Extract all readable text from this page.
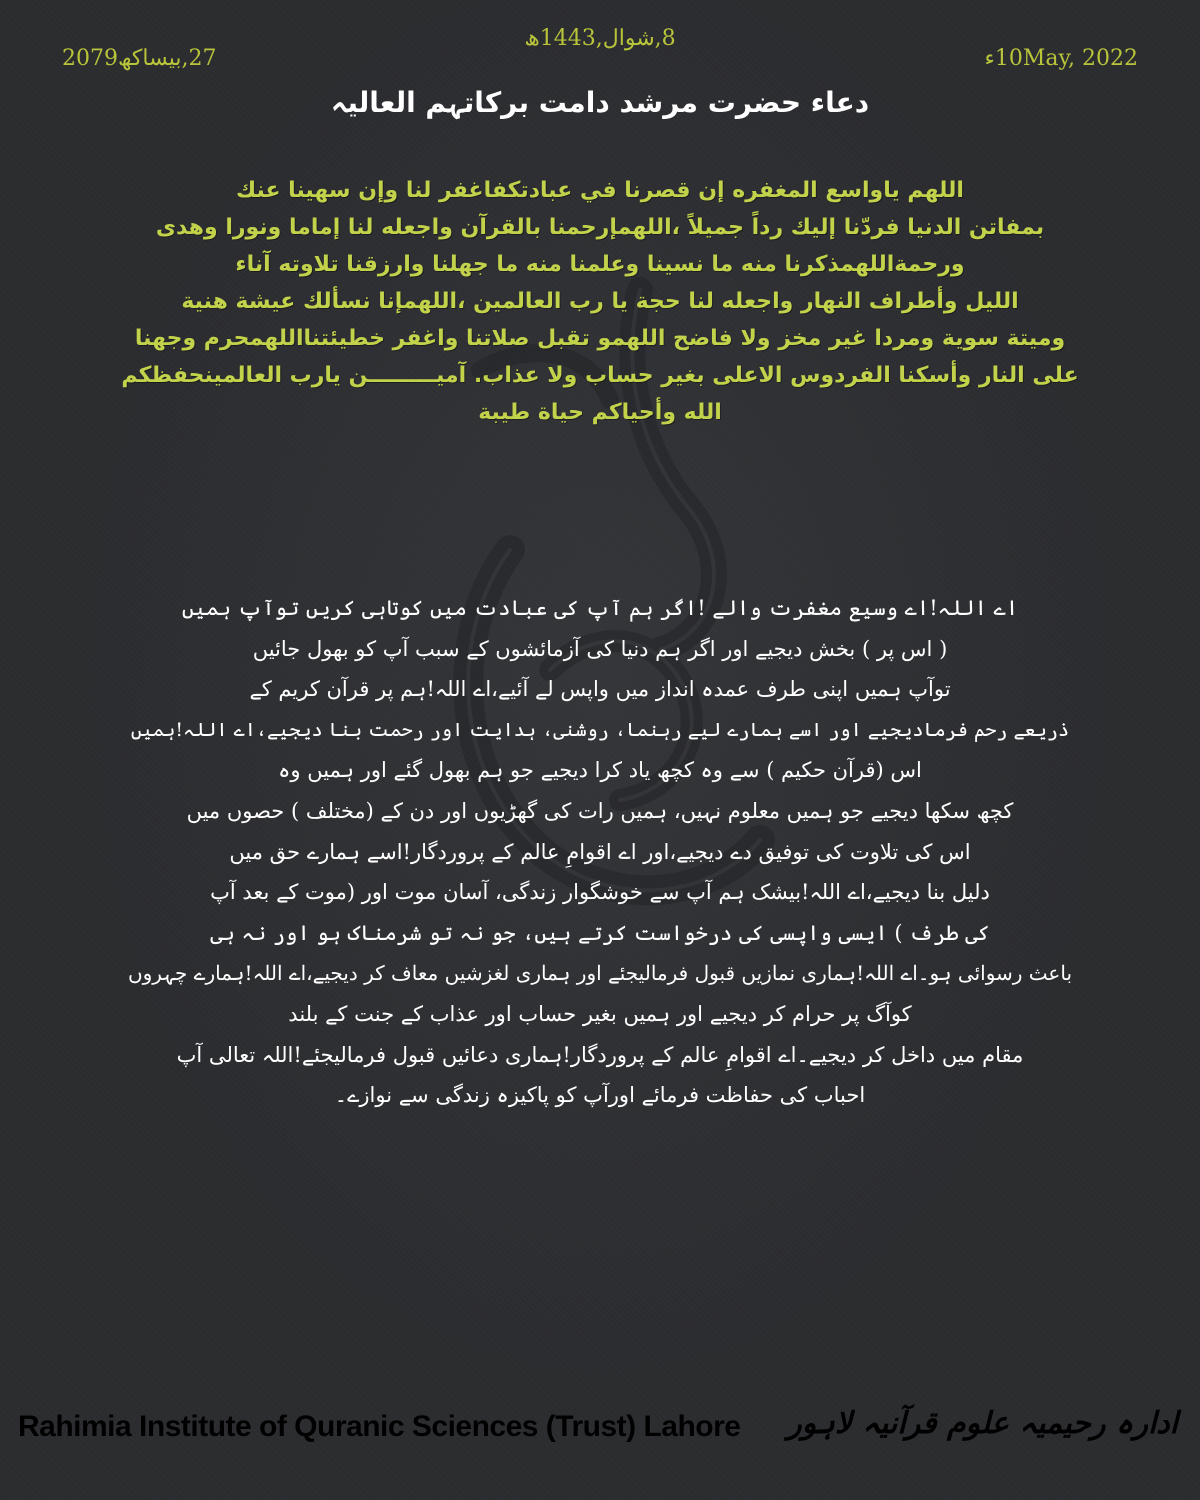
8,شوال,1443ھ
10May, 2022ء
27,بیساکھ2079
دعاء حضرت مرشد دامت برکاتہم العالیہ
اللهم ياواسع المغفره إن قصرنا في عبادتكفاغفر لنا وإن سهينا عنك
بمفاتن الدنيا فردّنا إليك رداً جميلاً ،اللهمإرحمنا بالقرآن واجعله لنا إماما ونورا وهدى
ورحمةاللهمذكرنا منه ما نسينا وعلمنا منه ما جهلنا وارزقنا تلاوته آناء
الليل وأطراف النهار واجعله لنا حجة يا رب العالمين ،اللهمإنا نسألك عيشة هنية
وميتة سوية ومردا غير مخز ولا فاضح اللهمو تقبل صلاتنا واغفر خطيئتنااللهمحرم وجهنا
على النار وأسكنا الفردوس الاعلى بغير حساب ولا عذاب. آميـــــــــن يارب العالمينحفظكم
الله وأحياكم حياة طيبة
اے اللہ!اے وسیع مغفرت والے !اگر ہم آپ کی عبادت میں کوتاہی کریں توآپ ہمیں
( اس پر ) بخش دیجیے اور اگر ہم دنیا کی آزمائشوں کے سبب آپ کو بھول جائیں
توآپ ہمیں اپنی طرف عمدہ انداز میں واپس لے آئیے،اے اللہ!ہم پر قرآن کریم کے
ذریعے رحم فرمادیجیے اور اسے ہمارے لیے رہنما، روشنی، ہدایت اور رحمت بنا دیجیے،اے اللہ!ہمیں
اس (قرآن حکیم ) سے وہ کچھ یاد کرا دیجیے جو ہم بھول گئے اور ہمیں وہ
کچھ سکھا دیجیے جو ہمیں معلوم نہیں، ہمیں رات کی گھڑیوں اور دن کے (مختلف ) حصوں میں
اس کی تلاوت کی توفیق دے دیجیے،اور اے اقوامِ عالم کے پروردگار!اسے ہمارے حق میں
دلیل بنا دیجیے،اے اللہ!بیشک ہم آپ سے خوشگوار زندگی، آسان موت اور (موت کے بعد آپ
کی طرف ) ایسی واپسی کی درخواست کرتے ہیں، جو نہ تو شرمناک ہو اور نہ ہی
باعث رسوائی ہو۔اے اللہ!ہماری نمازیں قبول فرمالیجئے اور ہماری لغزشیں معاف کر دیجیے،اے اللہ!ہمارے چہروں
کوآگ پر حرام کر دیجیے اور ہمیں بغیر حساب اور عذاب کے جنت کے بلند
مقام میں داخل کر دیجیے۔اے اقوامِ عالم کے پروردگار!ہماری دعائیں قبول فرمالیجئے!اللہ تعالی آپ
احباب کی حفاظت فرمائے اورآپ کو پاکیزہ زندگی سے نوازے۔
Rahimia Institute of Quranic Sciences (Trust) Lahore ادارہ رحیمیہ علوم قرآنیہ لاہور
